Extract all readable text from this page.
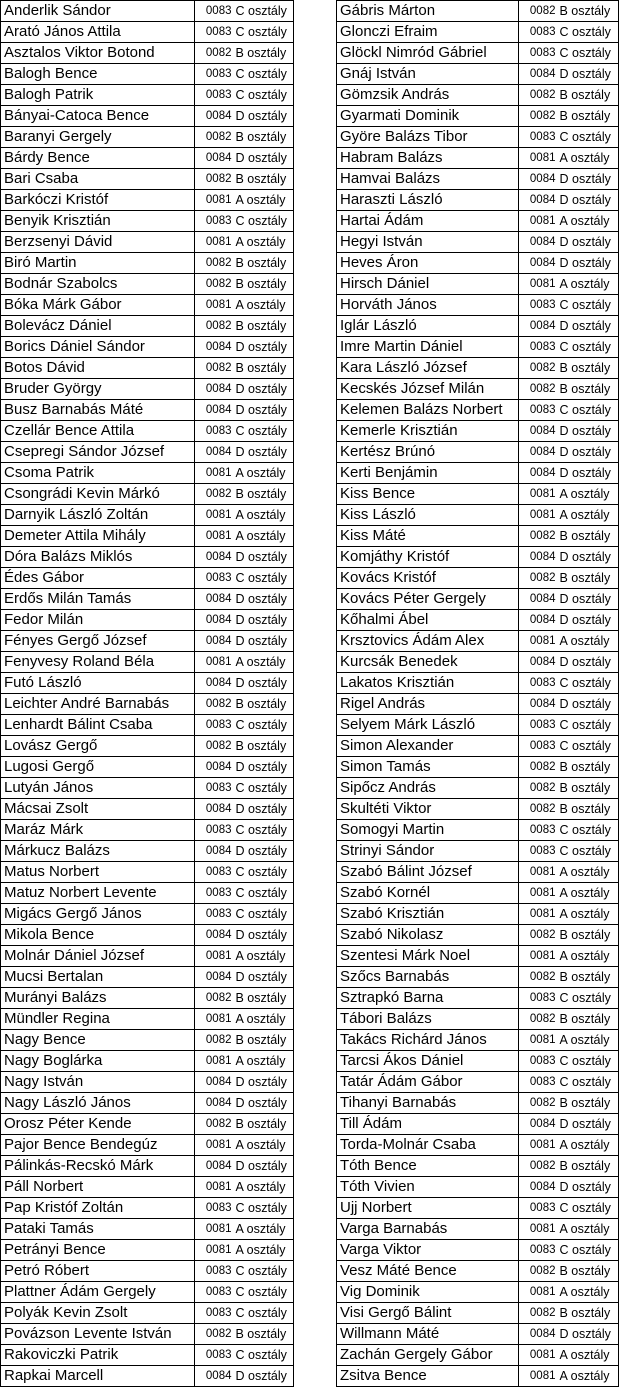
Anderlik Sándor	0083	C osztály
Arató János Attila	0083	C osztály
Asztalos Viktor Botond	0082	B osztály
Balogh Bence	0083	C osztály
Balogh Patrik	0083	C osztály
Bányai-Catoca Bence	0084	D osztály
Baranyi Gergely	0082	B osztály
Bárdy Bence	0084	D osztály
Bari Csaba	0082	B osztály
Barkóczi Kristóf	0081	A osztály
Benyik Krisztián	0083	C osztály
Berzsenyi Dávid	0081	A osztály
Biró Martin	0082	B osztály
Bodnár Szabolcs	0082	B osztály
Bóka Márk Gábor	0081	A osztály
Bolevácz Dániel	0082	B osztály
Borics Dániel Sándor	0084	D osztály
Botos Dávid	0082	B osztály
Bruder György	0084	D osztály
Busz Barnabás Máté	0084	D osztály
Czellár Bence Attila	0083	C osztály
Csepregi Sándor József	0084	D osztály
Csoma Patrik	0081	A osztály
Csongrádi Kevin Márkó	0082	B osztály
Darnyik László Zoltán	0081	A osztály
Demeter Attila Mihály	0081	A osztály
Dóra Balázs Miklós	0084	D osztály
Édes Gábor	0083	C osztály
Erdős Milán Tamás	0084	D osztály
Fedor Milán	0084	D osztály
Fényes Gergő József	0084	D osztály
Fenyvesy Roland Béla	0081	A osztály
Futó László	0084	D osztály
Leichter André Barnabás	0082	B osztály
Lenhardt Bálint Csaba	0083	C osztály
Lovász Gergő	0082	B osztály
Lugosi Gergő	0084	D osztály
Lutyán János	0083	C osztály
Mácsai Zsolt	0084	D osztály
Maráz Márk	0083	C osztály
Márkucz Balázs	0084	D osztály
Matus Norbert	0083	C osztály
Matuz Norbert Levente	0083	C osztály
Migács Gergő János	0083	C osztály
Mikola Bence	0084	D osztály
Molnár Dániel József	0081	A osztály
Mucsi Bertalan	0084	D osztály
Murányi Balázs	0082	B osztály
Mündler Regina	0081	A osztály
Nagy Bence	0082	B osztály
Nagy Boglárka	0081	A osztály
Nagy István	0084	D osztály
Nagy László János	0084	D osztály
Orosz Péter Kende	0082	B osztály
Pajor Bence Bendegúz	0081	A osztály
Pálinkás-Recskó Márk	0084	D osztály
Páll Norbert	0081	A osztály
Pap Kristóf Zoltán	0083	C osztály
Pataki Tamás	0081	A osztály
Petrányi Bence	0081	A osztály
Petró Róbert	0083	C osztály
Plattner Ádám Gergely	0083	C osztály
Polyák Kevin Zsolt	0083	C osztály
Povázson Levente István	0082	B osztály
Rakoviczki Patrik	0083	C osztály
Rapkai Marcell	0084	D osztály
Gábris Márton	0082	B osztály
Glonczi Efraim	0083	C osztály
Glöckl Nimród Gábriel	0083	C osztály
Gnáj István	0084	D osztály
Gömzsik András	0082	B osztály
Gyarmati Dominik	0082	B osztály
Györe Balázs Tibor	0083	C osztály
Habram Balázs	0081	A osztály
Hamvai Balázs	0084	D osztály
Haraszti László	0084	D osztály
Hartai Ádám	0081	A osztály
Hegyi István	0084	D osztály
Heves Áron	0084	D osztály
Hirsch Dániel	0081	A osztály
Horváth János	0083	C osztály
Iglár László	0084	D osztály
Imre Martin Dániel	0083	C osztály
Kara László József	0082	B osztály
Kecskés József Milán	0082	B osztály
Kelemen Balázs Norbert	0083	C osztály
Kemerle Krisztián	0084	D osztály
Kertész Brúnó	0084	D osztály
Kerti Benjámin	0084	D osztály
Kiss Bence	0081	A osztály
Kiss László	0081	A osztály
Kiss Máté	0082	B osztály
Komjáthy Kristóf	0084	D osztály
Kovács Kristóf	0082	B osztály
Kovács Péter Gergely	0084	D osztály
Kőhalmi Ábel	0084	D osztály
Krsztovics Ádám Alex	0081	A osztály
Kurcsák Benedek	0084	D osztály
Lakatos Krisztián	0083	C osztály
Rigel András	0084	D osztály
Selyem Márk László	0083	C osztály
Simon Alexander	0083	C osztály
Simon Tamás	0082	B osztály
Sipőcz András	0082	B osztály
Skultéti Viktor	0082	B osztály
Somogyi Martin	0083	C osztály
Strinyi Sándor	0083	C osztály
Szabó Bálint József	0081	A osztály
Szabó Kornél	0081	A osztály
Szabó Krisztián	0081	A osztály
Szabó Nikolasz	0082	B osztály
Szentesi Márk Noel	0081	A osztály
Szőcs Barnabás	0082	B osztály
Sztrapkó Barna	0083	C osztály
Tábori Balázs	0082	B osztály
Takács Richárd János	0081	A osztály
Tarcsi Ákos Dániel	0083	C osztály
Tatár Ádám Gábor	0083	C osztály
Tihanyi Barnabás	0082	B osztály
Till Ádám	0084	D osztály
Torda-Molnár Csaba	0081	A osztály
Tóth Bence	0082	B osztály
Tóth Vivien	0084	D osztály
Ujj Norbert	0083	C osztály
Varga Barnabás	0081	A osztály
Varga Viktor	0083	C osztály
Vesz Máté Bence	0082	B osztály
Vig Dominik	0081	A osztály
Visi Gergő Bálint	0082	B osztály
Willmann Máté	0084	D osztály
Zachán Gergely Gábor	0081	A osztály
Zsitva Bence	0081	A osztály
